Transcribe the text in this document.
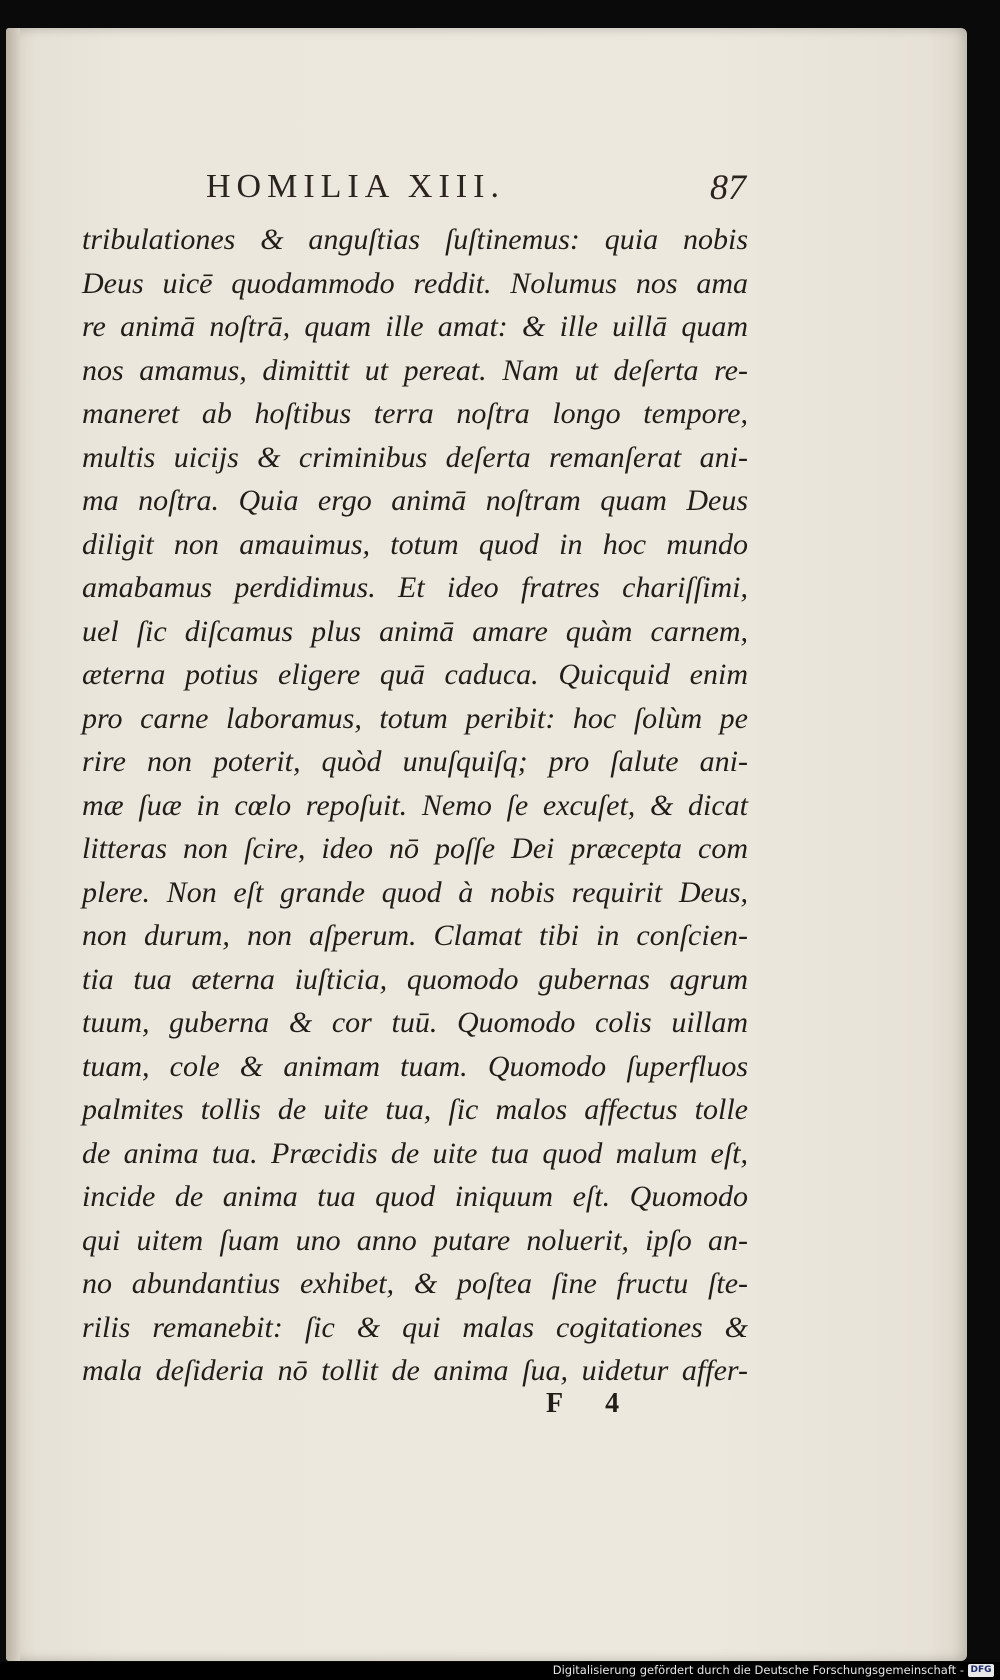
HOMILIA XIII.	87
tribulationes & anguſtias ſuſtinemus: quia nobis
Deus uicē quodammodo reddit. Nolumus nos ama
re animā noſtrā, quam ille amat: & ille uillā quam
nos amamus, dimittit ut pereat. Nam ut deſerta re-
maneret ab hoſtibus terra noſtra longo tempore,
multis uicijs & criminibus deſerta remanſerat ani-
ma noſtra. Quia ergo animā noſtram quam Deus
diligit non amauimus, totum quod in hoc mundo
amabamus perdidimus. Et ideo fratres chariſſimi,
uel ſic diſcamus plus animā amare quàm carnem,
æterna potius eligere quā caduca. Quicquid enim
pro carne laboramus, totum peribit: hoc ſolùm pe
rire non poterit, quòd unuſquiſq; pro ſalute ani-
mæ ſuæ in cœlo repoſuit. Nemo ſe excuſet, & dicat
litteras non ſcire, ideo nō poſſe Dei præcepta com
plere. Non eſt grande quod à nobis requirit Deus,
non durum, non aſperum. Clamat tibi in conſcien-
tia tua æterna iuſticia, quomodo gubernas agrum
tuum, guberna & cor tuū. Quomodo colis uillam
tuam, cole & animam tuam. Quomodo ſuperfluos
palmites tollis de uite tua, ſic malos affectus tolle
de anima tua. Præcidis de uite tua quod malum eſt,
incide de anima tua quod iniquum eſt. Quomodo
qui uitem ſuam uno anno putare noluerit, ipſo an-
no abundantius exhibet, & poſtea ſine fructu ſte-
rilis remanebit: ſic & qui malas cogitationes &
mala deſideria nō tollit de anima ſua, uidetur affer-
F 4
Digitalisierung gefördert durch die Deutsche Forschungsgemeinschaft - DFG
